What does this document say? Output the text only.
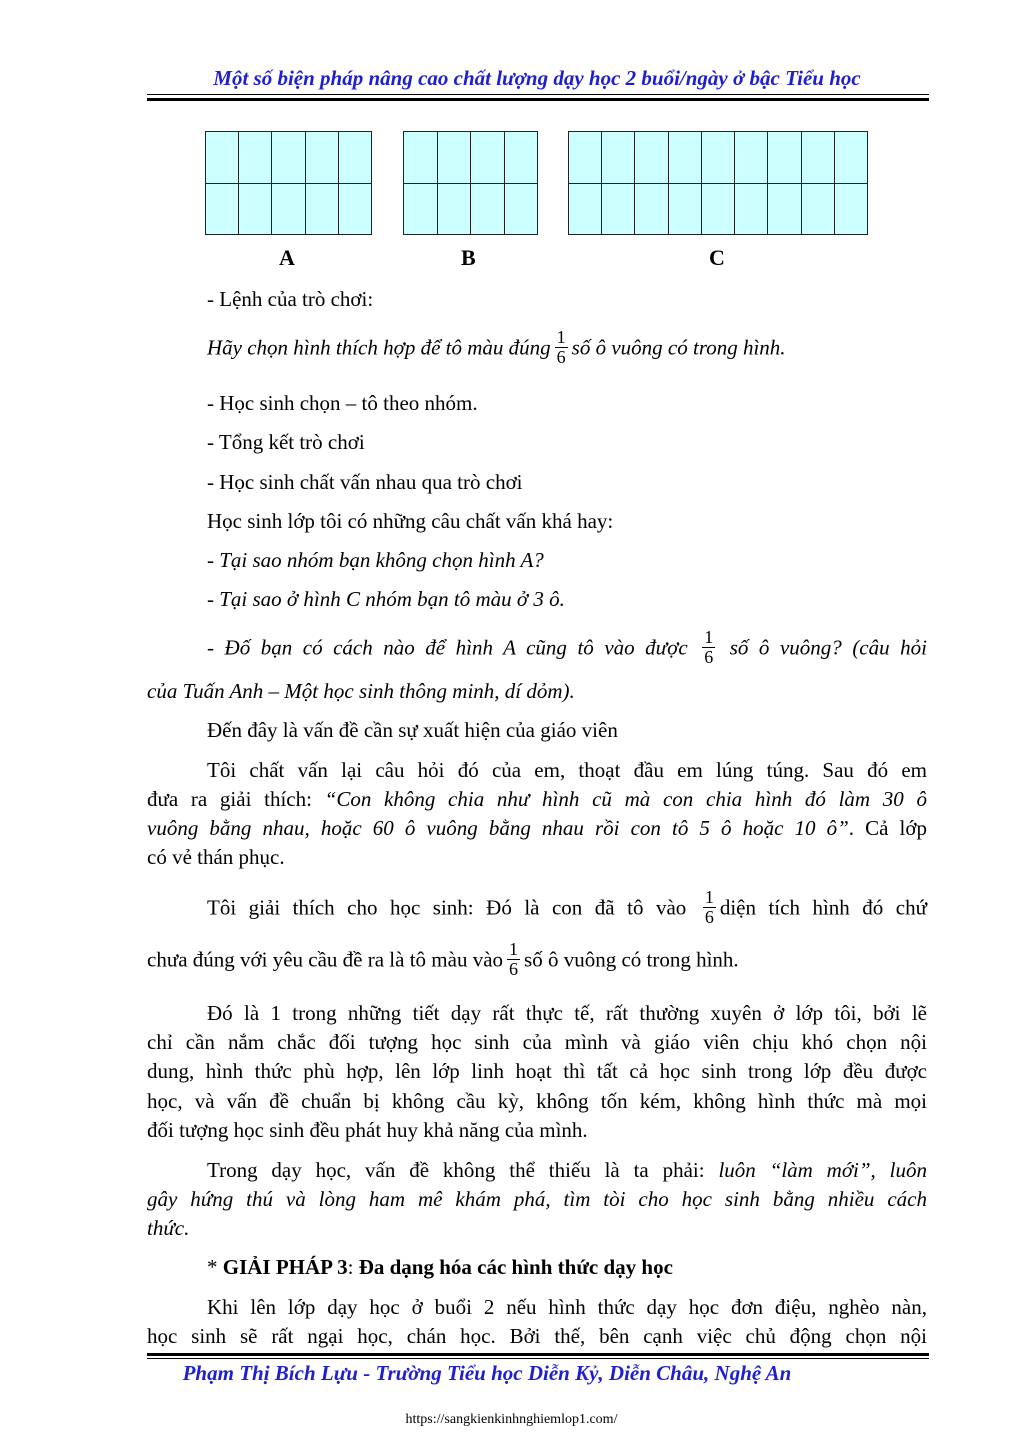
Một số biện pháp nâng cao chất lượng dạy học 2 buổi/ngày ở bậc Tiểu học
A	B	C
- Lệnh của trò chơi:
Hãy chọn hình thích hợp để tô màu đúng $\frac{1}{6}$ số ô vuông có trong hình.
- Học sinh chọn – tô theo nhóm.
- Tổng kết trò chơi
- Học sinh chất vấn nhau qua trò chơi
Học sinh lớp tôi có những câu chất vấn khá hay:
- Tại sao nhóm bạn không chọn hình A?
- Tại sao ở hình C nhóm bạn tô màu ở 3 ô.
- Đố bạn có cách nào để hình A cũng tô vào được $\frac{1}{6}$ số ô vuông? (câu hỏi
của Tuấn Anh – Một học sinh thông minh, dí dỏm).
Đến đây là vấn đề cần sự xuất hiện của giáo viên
Tôi chất vấn lại câu hỏi đó của em, thoạt đầu em lúng túng. Sau đó em
đưa ra giải thích: “Con không chia như hình cũ mà con chia hình đó làm 30 ô
vuông bằng nhau, hoặc 60 ô vuông bằng nhau rồi con tô 5 ô hoặc 10 ô”. Cả lớp
có vẻ thán phục.
Tôi giải thích cho học sinh: Đó là con đã tô vào $\frac{1}{6}$ diện tích hình đó chứ
chưa đúng với yêu cầu đề ra là tô màu vào $\frac{1}{6}$ số ô vuông có trong hình.
Đó là 1 trong những tiết dạy rất thực tế, rất thường xuyên ở lớp tôi, bởi lẽ
chỉ cần nắm chắc đối tượng học sinh của mình và giáo viên chịu khó chọn nội
dung, hình thức phù hợp, lên lớp linh hoạt thì tất cả học sinh trong lớp đều được
học, và vấn đề chuẩn bị không cầu kỳ, không tốn kém, không hình thức mà mọi
đối tượng học sinh đều phát huy khả năng của mình.
Trong dạy học, vấn đề không thể thiếu là ta phải: luôn “làm mới”, luôn
gây hứng thú và lòng ham mê khám phá, tìm tòi cho học sinh bằng nhiều cách
thức.
* GIẢI PHÁP 3: Đa dạng hóa các hình thức dạy học
Khi lên lớp dạy học ở buổi 2 nếu hình thức dạy học đơn điệu, nghèo nàn,
học sinh sẽ rất ngại học, chán học. Bởi thế, bên cạnh việc chủ động chọn nội
Phạm Thị Bích Lựu - Trường Tiểu học Diễn Kỷ, Diễn Châu, Nghệ An
https://sangkienkinhnghiemlop1.com/
